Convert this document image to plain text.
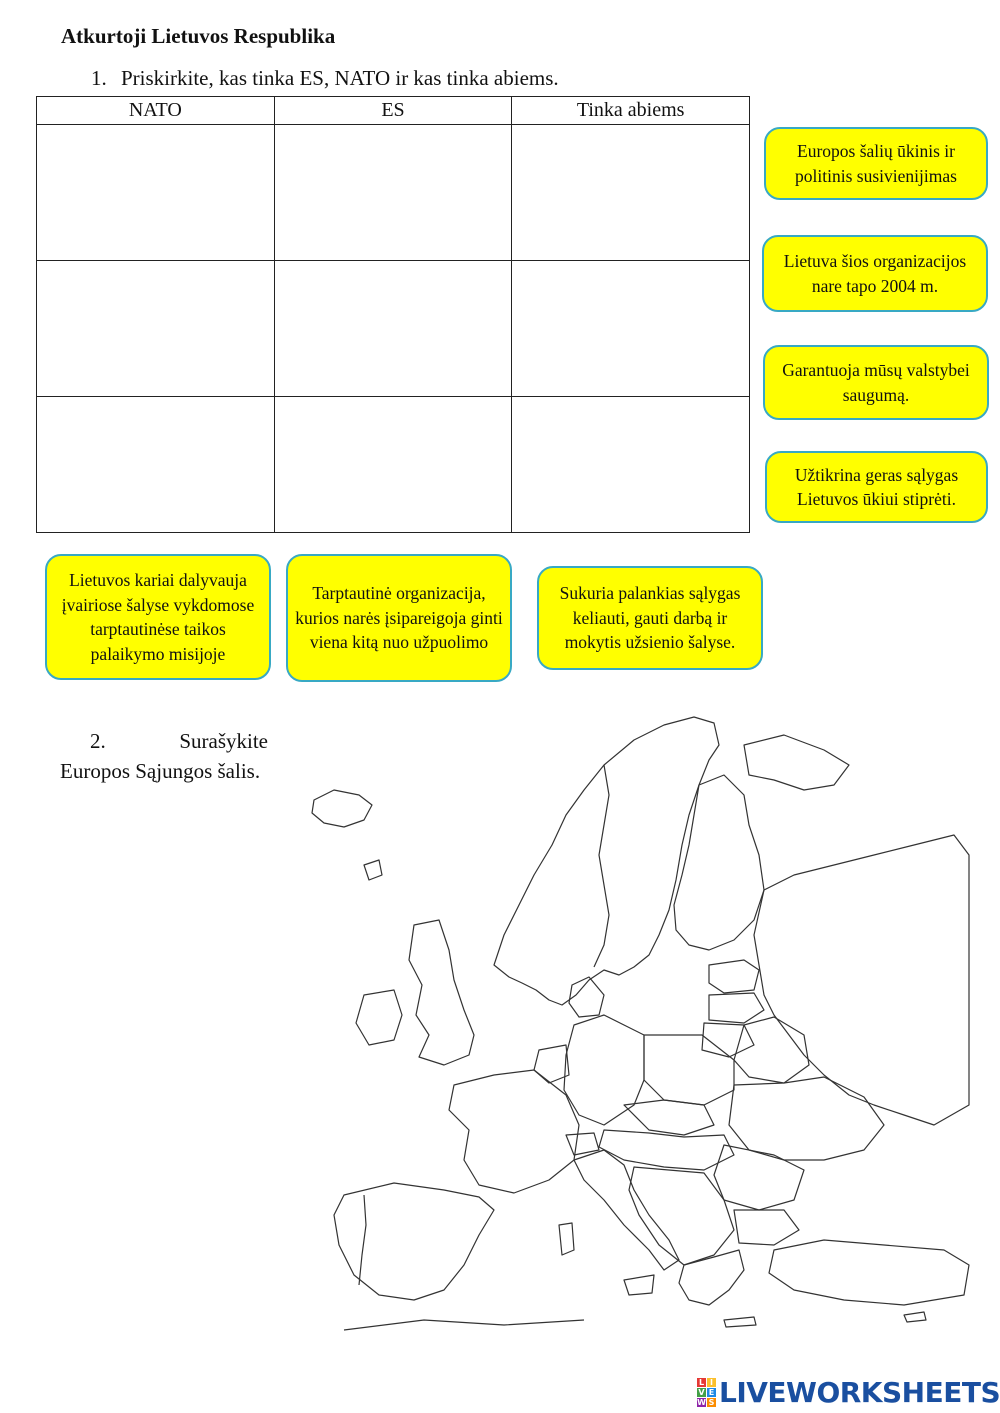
Atkurtoji Lietuvos Respublika
1. Priskirkite, kas tinka ES, NATO ir kas tinka abiems.
NATO	ES	Tinka abiems

Europos šalių ūkinis ir politinis susivienijimas
Lietuva šios organizacijos nare tapo 2004 m.
Garantuoja mūsų valstybei saugumą.
Užtikrina geras sąlygas Lietuvos ūkiui stiprėti.
Lietuvos kariai dalyvauja įvairiose šalyse vykdomose tarptautinėse taikos palaikymo misijoje
Tarptautinė organizacija, kurios narės įsipareigoja ginti viena kitą nuo užpuolimo
Sukuria palankias sąlygas keliauti, gauti darbą ir mokytis užsienio šalyse.
2.	Surašykite
Europos Sąjungos šalis.
L I
V E
W S LIVEWORKSHEETS
